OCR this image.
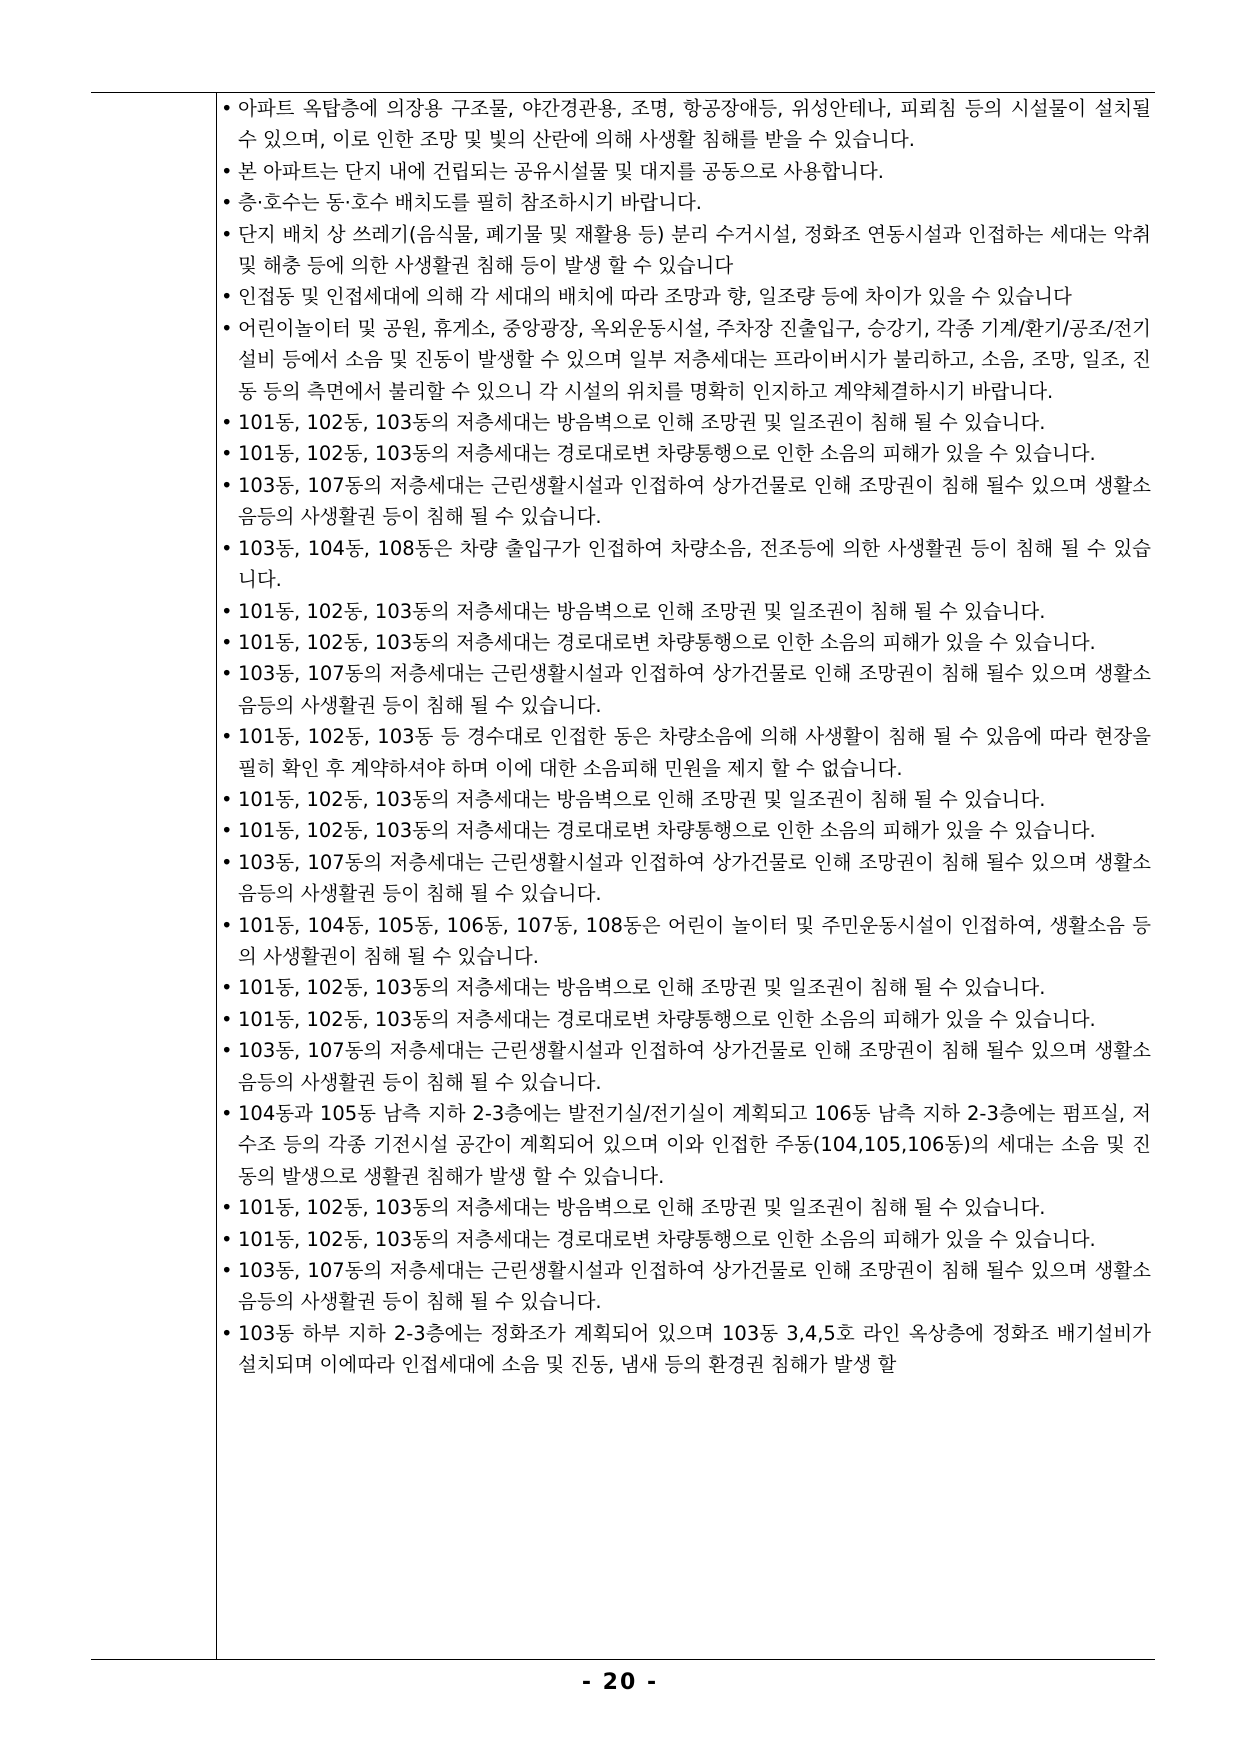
• 아파트 옥탑층에 의장용 구조물, 야간경관용, 조명, 항공장애등, 위성안테나, 피뢰침 등의 시설물이 설치될 수 있으며, 이로 인한 조망 및 빛의 산란에 의해 사생활 침해를 받을 수 있습니다.
• 본 아파트는 단지 내에 건립되는 공유시설물 및 대지를 공동으로 사용합니다.
• 층·호수는 동·호수 배치도를 필히 참조하시기 바랍니다.
• 단지 배치 상 쓰레기(음식물, 폐기물 및 재활용 등) 분리 수거시설, 정화조 연동시설과 인접하는 세대는 악취 및 해충 등에 의한 사생활권 침해 등이 발생 할 수 있습니다
• 인접동 및 인접세대에 의해 각 세대의 배치에 따라 조망과 향, 일조량 등에 차이가 있을 수 있습니다
• 어린이놀이터 및 공원, 휴게소, 중앙광장, 옥외운동시설, 주차장 진출입구, 승강기, 각종 기계/환기/공조/전기 설비 등에서 소음 및 진동이 발생할 수 있으며 일부 저층세대는 프라이버시가 불리하고, 소음, 조망, 일조, 진동 등의 측면에서 불리할 수 있으니 각 시설의 위치를 명확히 인지하고 계약체결하시기 바랍니다.
• 101동, 102동, 103동의 저층세대는 방음벽으로 인해 조망권 및 일조권이 침해 될 수 있습니다.
• 101동, 102동, 103동의 저층세대는 경로대로변 차량통행으로 인한 소음의 피해가 있을 수 있습니다.
• 103동, 107동의 저층세대는 근린생활시설과 인접하여 상가건물로 인해 조망권이 침해 될수 있으며 생활소음등의 사생활권 등이 침해 될 수 있습니다.
• 103동, 104동, 108동은 차량 출입구가 인접하여 차량소음, 전조등에 의한 사생활권 등이 침해 될 수 있습니다.
• 101동, 102동, 103동의 저층세대는 방음벽으로 인해 조망권 및 일조권이 침해 될 수 있습니다.
• 101동, 102동, 103동의 저층세대는 경로대로변 차량통행으로 인한 소음의 피해가 있을 수 있습니다.
• 103동, 107동의 저층세대는 근린생활시설과 인접하여 상가건물로 인해 조망권이 침해 될수 있으며 생활소음등의 사생활권 등이 침해 될 수 있습니다.
• 101동, 102동, 103동 등 경수대로 인접한 동은 차량소음에 의해 사생활이 침해 될 수 있음에 따라 현장을 필히 확인 후 계약하셔야 하며 이에 대한 소음피해 민원을 제지 할 수 없습니다.
• 101동, 102동, 103동의 저층세대는 방음벽으로 인해 조망권 및 일조권이 침해 될 수 있습니다.
• 101동, 102동, 103동의 저층세대는 경로대로변 차량통행으로 인한 소음의 피해가 있을 수 있습니다.
• 103동, 107동의 저층세대는 근린생활시설과 인접하여 상가건물로 인해 조망권이 침해 될수 있으며 생활소음등의 사생활권 등이 침해 될 수 있습니다.
• 101동, 104동, 105동, 106동, 107동, 108동은 어린이 놀이터 및 주민운동시설이 인접하여, 생활소음 등의 사생활권이 침해 될 수 있습니다.
• 101동, 102동, 103동의 저층세대는 방음벽으로 인해 조망권 및 일조권이 침해 될 수 있습니다.
• 101동, 102동, 103동의 저층세대는 경로대로변 차량통행으로 인한 소음의 피해가 있을 수 있습니다.
• 103동, 107동의 저층세대는 근린생활시설과 인접하여 상가건물로 인해 조망권이 침해 될수 있으며 생활소음등의 사생활권 등이 침해 될 수 있습니다.
• 104동과 105동 남측 지하 2-3층에는 발전기실/전기실이 계획되고 106동 남측 지하 2-3층에는 펌프실, 저수조 등의 각종 기전시설 공간이 계획되어 있으며 이와 인접한 주동(104,105,106동)의 세대는 소음 및 진동의 발생으로 생활권 침해가 발생 할 수 있습니다.
• 101동, 102동, 103동의 저층세대는 방음벽으로 인해 조망권 및 일조권이 침해 될 수 있습니다.
• 101동, 102동, 103동의 저층세대는 경로대로변 차량통행으로 인한 소음의 피해가 있을 수 있습니다.
• 103동, 107동의 저층세대는 근린생활시설과 인접하여 상가건물로 인해 조망권이 침해 될수 있으며 생활소음등의 사생활권 등이 침해 될 수 있습니다.
• 103동 하부 지하 2-3층에는 정화조가 계획되어 있으며 103동 3,4,5호 라인 옥상층에 정화조 배기설비가 설치되며 이에따라 인접세대에 소음 및 진동, 냄새 등의 환경권 침해가 발생 할
- 20 -
